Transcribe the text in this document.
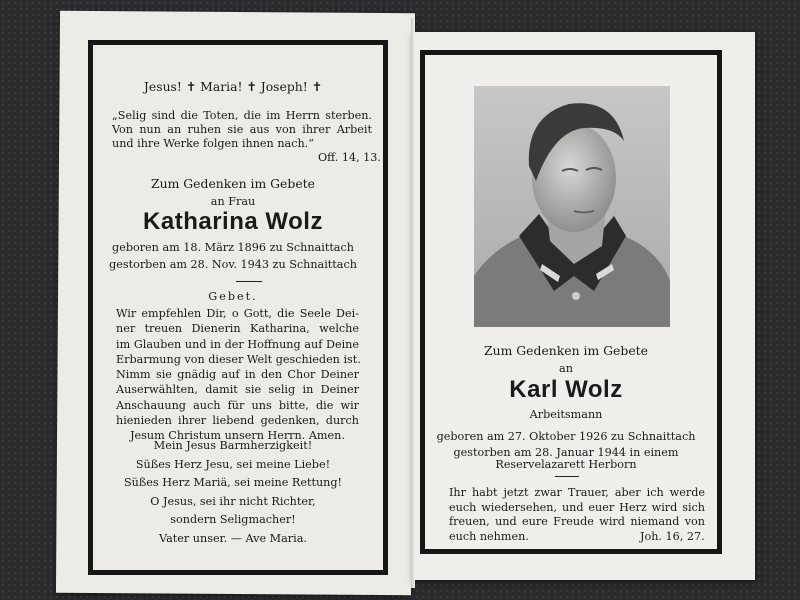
Jesus! ✝ Maria! ✝ Joseph! ✝
„Selig sind die Toten, die im Herrn sterben.
Von nun an ruhen sie aus von ihrer Arbeit
und ihre Werke folgen ihnen nach.“
Off. 14, 13.
Zum Gedenken im Gebete
an Frau
Katharina Wolz
geboren am 18. März 1896 zu Schnaittach
gestorben am 28. Nov. 1943 zu Schnaittach
Gebet.
Wir empfehlen Dir, o Gott, die Seele Dei-
ner treuen Dienerin Katharina, welche
im Glauben und in der Hoffnung auf Deine
Erbarmung von dieser Welt geschieden ist.
Nimm sie gnädig auf in den Chor Deiner
Auserwählten, damit sie selig in Deiner
Anschauung auch für uns bitte, die wir
hienieden ihrer liebend gedenken, durch
Jesum Christum unsern Herrn. Amen.
Mein Jesus Barmherzigkeit!
Süßes Herz Jesu, sei meine Liebe!
Süßes Herz Mariä, sei meine Rettung!
O Jesus, sei ihr nicht Richter,
sondern Seligmacher!
Vater unser. — Ave Maria.
Zum Gedenken im Gebete
an
Karl Wolz
Arbeitsmann
geboren am 27. Oktober 1926 zu Schnaittach
gestorben am 28. Januar 1944 in einem
Reservelazarett Herborn
Ihr habt jetzt zwar Trauer, aber ich werde
euch wiedersehen, und euer Herz wird sich
freuen, und eure Freude wird niemand von
euch nehmen.	Joh. 16, 27.
